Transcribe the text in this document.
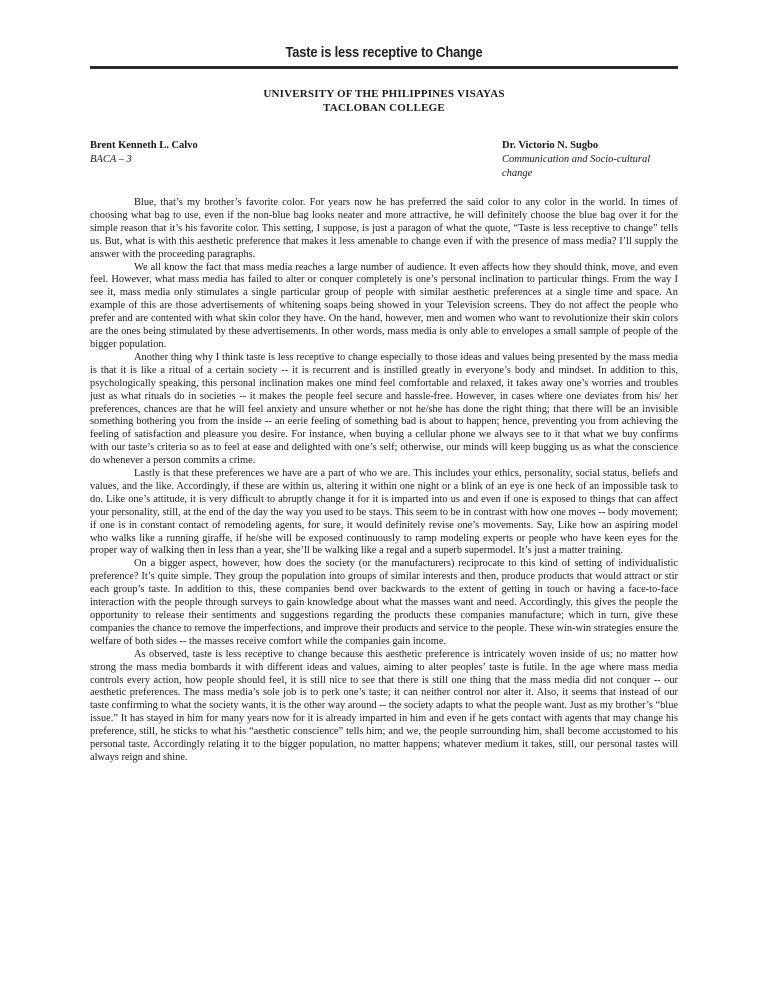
Taste is less receptive to Change
UNIVERSITY OF THE PHILIPPINES VISAYAS
TACLOBAN COLLEGE
Brent Kenneth L. Calvo
BACA – 3
Dr. Victorio N. Sugbo
Communication and Socio-cultural change

Blue, that’s my brother’s favorite color. For years now he has preferred the said color to any color in the world. In times of choosing what bag to use, even if the non-blue bag looks neater and more attractive, he will definitely choose the blue bag over it for the simple reason that it’s his favorite color. This setting, I suppose, is just a paragon of what the quote, “Taste is less receptive to change” tells us. But, what is with this aesthetic preference that makes it less amenable to change even if with the presence of mass media? I’ll supply the answer with the proceeding paragraphs.

We all know the fact that mass media reaches a large number of audience. It even affects how they should think, move, and even feel. However, what mass media has failed to alter or conquer completely is one’s personal inclination to particular things. From the way I see it, mass media only stimulates a single particular group of people with similar aesthetic preferences at a single time and space. An example of this are those advertisements of whitening soaps being showed in your Television screens. They do not affect the people who prefer and are contented with what skin color they have. On the hand, however, men and women who want to revolutionize their skin colors are the ones being stimulated by these advertisements. In other words, mass media is only able to envelopes a small sample of people of the bigger population.

Another thing why I think taste is less receptive to change especially to those ideas and values being presented by the mass media is that it is like a ritual of a certain society -- it is recurrent and is instilled greatly in everyone’s body and mindset. In addition to this, psychologically speaking, this personal inclination makes one mind feel comfortable and relaxed, it takes away one’s worries and troubles just as what rituals do in societies -- it makes the people feel secure and hassle-free. However, in cases where one deviates from his/ her preferences, chances are that he will feel anxiety and unsure whether or not he/she has done the right thing; that there will be an invisible something bothering you from the inside -- an eerie feeling of something bad is about to happen; hence, preventing you from achieving the feeling of satisfaction and pleasure you desire. For instance, when buying a cellular phone we always see to it that what we buy confirms with our taste’s criteria so as to feel at ease and delighted with one’s self; otherwise, our minds will keep bugging us as what the conscience do whenever a person commits a crime.

Lastly is that these preferences we have are a part of who we are. This includes your ethics, personality, social status, beliefs and values, and the like. Accordingly, if these are within us, altering it within one night or a blink of an eye is one heck of an impossible task to do. Like one’s attitude, it is very difficult to abruptly change it for it is imparted into us and even if one is exposed to things that can affect your personality, still, at the end of the day the way you used to be stays. This seem to be in contrast with how one moves -- body movement; if one is in constant contact of remodeling agents, for sure, it would definitely revise one’s movements. Say, Like how an aspiring model who walks like a running giraffe, if he/she will be exposed continuously to ramp modeling experts or people who have keen eyes for the proper way of walking then in less than a year, she’ll be walking like a regal and a superb supermodel. It’s just a matter training.

On a bigger aspect, however, how does the society (or the manufacturers) reciprocate to this kind of setting of individualistic preference? It’s quite simple. They group the population into groups of similar interests and then, produce products that would attract or stir each group’s taste. In addition to this, these companies bend over backwards to the extent of getting in touch or having a face-to-face interaction with the people through surveys to gain knowledge about what the masses want and need. Accordingly, this gives the people the opportunity to release their sentiments and suggestions regarding the products these companies manufacture; which in turn, give these companies the chance to remove the imperfections, and improve their products and service to the people. These win-win strategies ensure the welfare of both sides -- the masses receive comfort while the companies gain income.

As observed, taste is less receptive to change because this aesthetic preference is intricately woven inside of us; no matter how strong the mass media bombards it with different ideas and values, aiming to alter peoples’ taste is futile. In the age where mass media controls every action, how people should feel, it is still nice to see that there is still one thing that the mass media did not conquer -- our aesthetic preferences. The mass media’s sole job is to perk one’s taste; it can neither control nor alter it. Also, it seems that instead of our taste confirming to what the society wants, it is the other way around -- the society adapts to what the people want. Just as my brother’s “blue issue.” It has stayed in him for many years now for it is already imparted in him and even if he gets contact with agents that may change his preference, still, he sticks to what his “aesthetic conscience” tells him; and we, the people surrounding him, shall become accustomed to his personal taste. Accordingly relating it to the bigger population, no matter happens; whatever medium it takes, still, our personal tastes will always reign and shine.
